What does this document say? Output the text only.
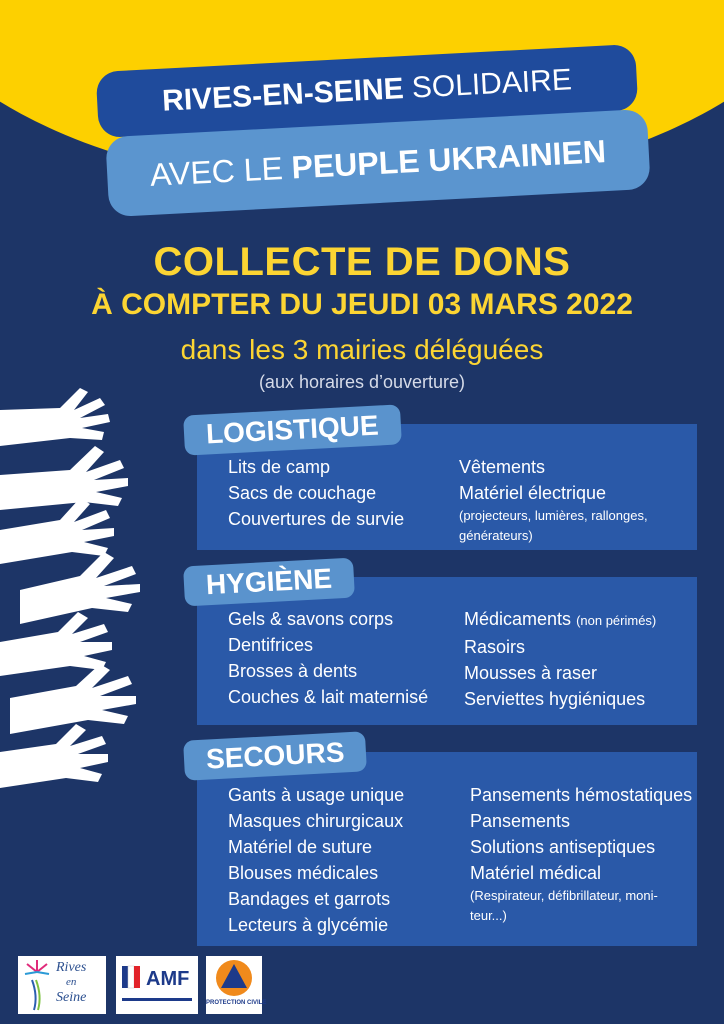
RIVES-EN-SEINE
SOLIDAIRE
AVEC LE
PEUPLE UKRAINIEN
COLLECTE DE DONS
À COMPTER DU JEUDI 03 MARS 2022
dans les 3 mairies déléguées
(aux horaires d’ouverture)
LOGISTIQUE
Lits de camp
Sacs de couchage
Couvertures de survie
Vêtements
Matériel électrique
(projecteurs, lumières, rallonges,
générateurs)
HYGIÈNE
Gels & savons corps
Dentifrices
Brosses à dents
Couches & lait maternisé
Médicaments (non périmés)
Rasoirs
Mousses à raser
Serviettes hygiéniques
SECOURS
Gants à usage unique
Masques chirurgicaux
Matériel de suture
Blouses médicales
Bandages et garrots
Lecteurs à glycémie
Pansements hémostatiques
Pansements
Solutions antiseptiques
Matériel médical
(Respirateur, défibrillateur, moni-
teur...)
Rives
en
Seine
AMF
PROTECTION CIVILE
